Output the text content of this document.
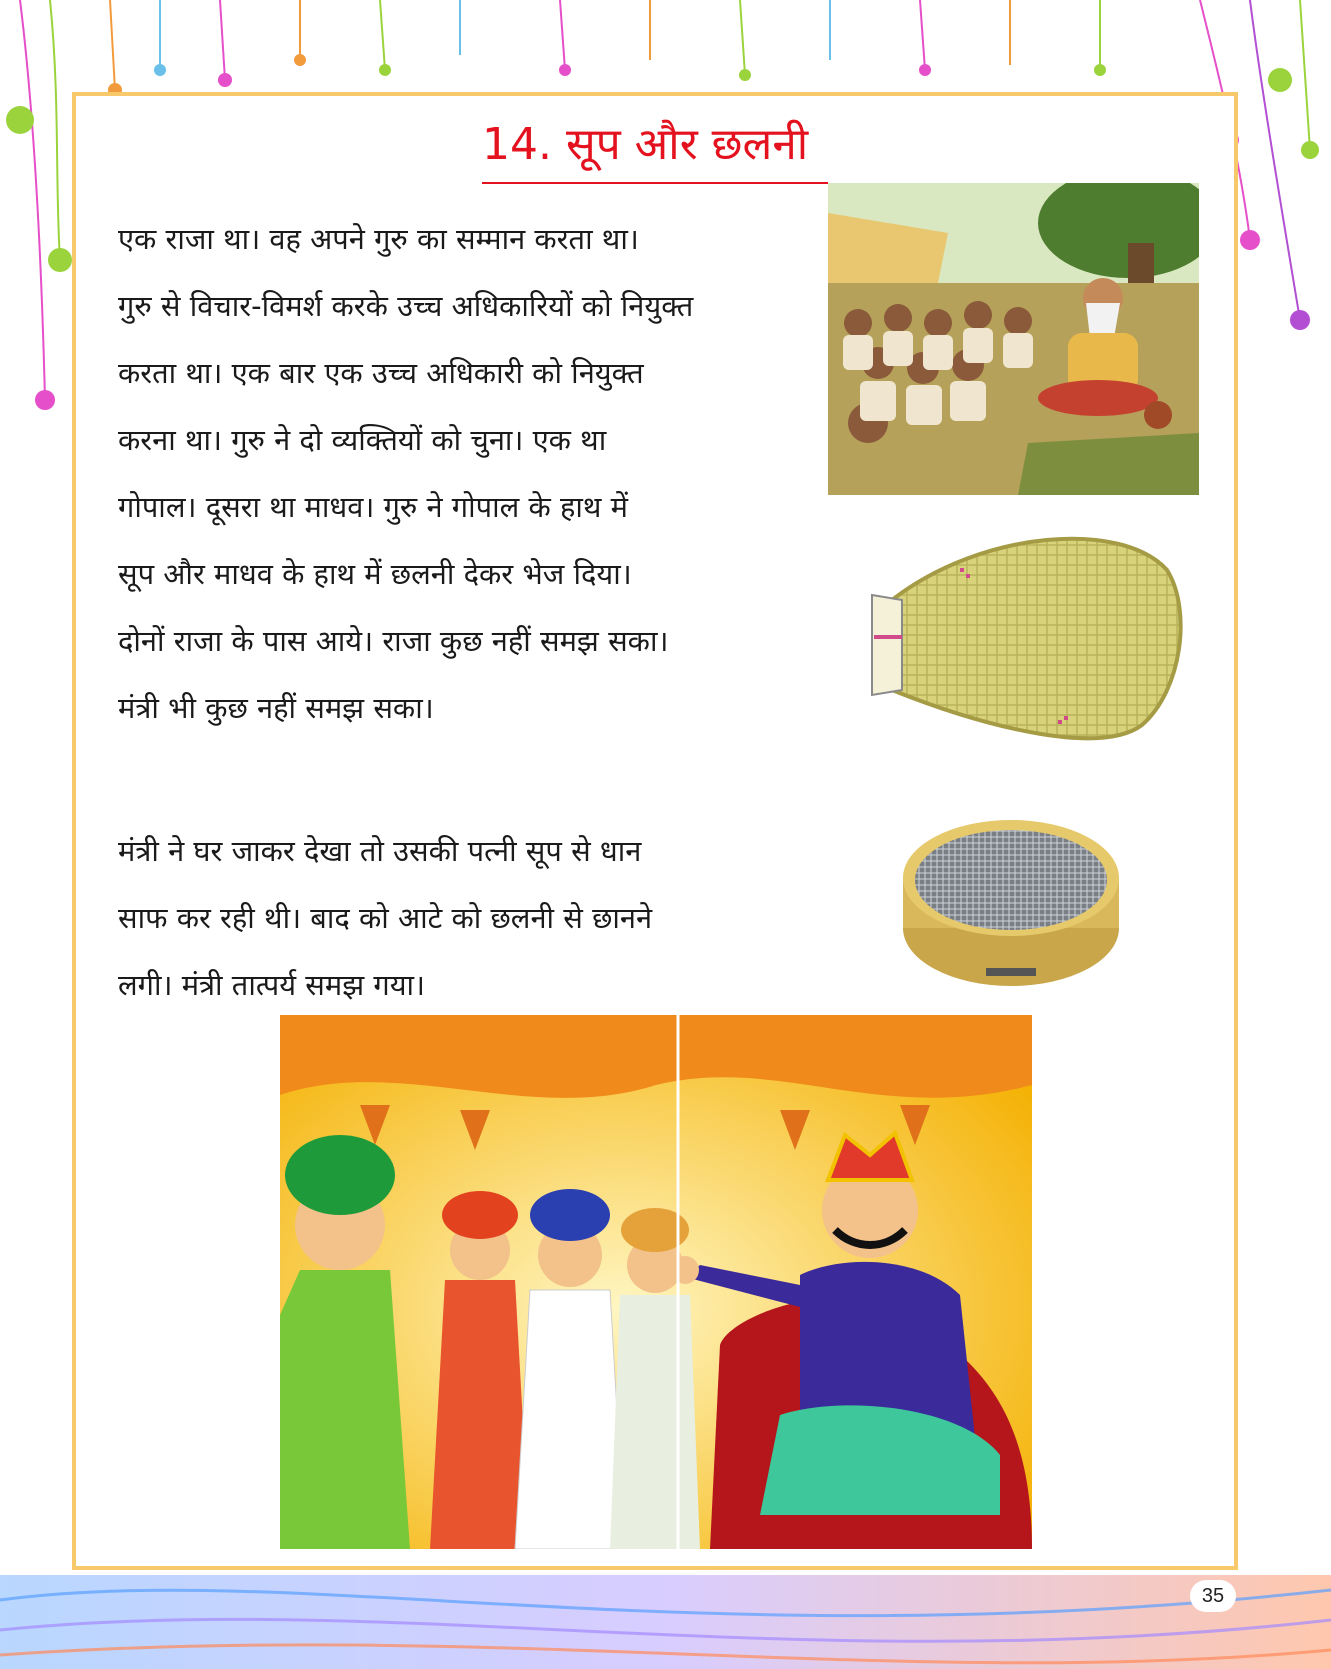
14. सूप और छलनी
एक राजा था। वह अपने गुरु का सम्मान करता था।
गुरु से विचार-विमर्श करके उच्च अधिकारियों को नियुक्त
करता था। एक बार एक उच्च अधिकारी को नियुक्त
करना था। गुरु ने दो व्यक्तियों को चुना। एक था
गोपाल। दूसरा था माधव। गुरु ने गोपाल के हाथ में
सूप और माधव के हाथ में छलनी देकर भेज दिया।
दोनों राजा के पास आये। राजा कुछ नहीं समझ सका।
मंत्री भी कुछ नहीं समझ सका।
मंत्री ने घर जाकर देखा तो उसकी पत्नी सूप से धान
साफ कर रही थी। बाद को आटे को छलनी से छानने
लगी। मंत्री तात्पर्य समझ गया।
35
